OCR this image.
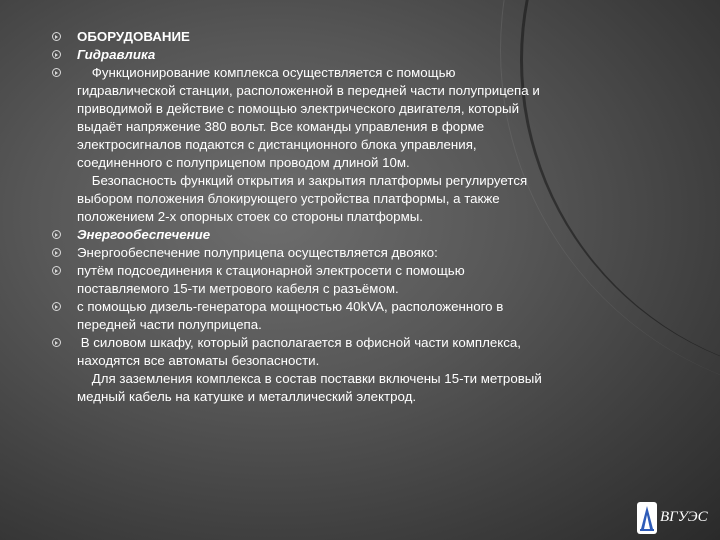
ОБОРУДОВАНИЕ
Гидравлика
Функционирование комплекса осуществляется с помощью
гидравлической станции, расположенной в передней части полуприцепа и
приводимой в действие с помощью электрического двигателя, который
выдаёт напряжение 380 вольт. Все команды управления в форме
электросигналов подаются с дистанционного блока управления,
соединенного с полуприцепом проводом длиной 10м.
Безопасность функций открытия и закрытия платформы регулируется
выбором положения блокирующего устройства платформы, а также
положением 2-х опорных стоек со стороны платформы.
Энергообеспечение
Энергообеспечение полуприцепа осуществляется двояко:
путём подсоединения к стационарной электросети с помощью
поставляемого 15-ти метрового кабеля с разъёмом.
с помощью дизель-генератора мощностью 40kVA, расположенного в
передней части полуприцепа.
В силовом шкафу, который располагается в офисной части комплекса,
находятся все автоматы безопасности.
Для заземления комплекса в состав поставки включены 15-ти метровый
медный кабель на катушке и металлический электрод.
ВГУЭС
